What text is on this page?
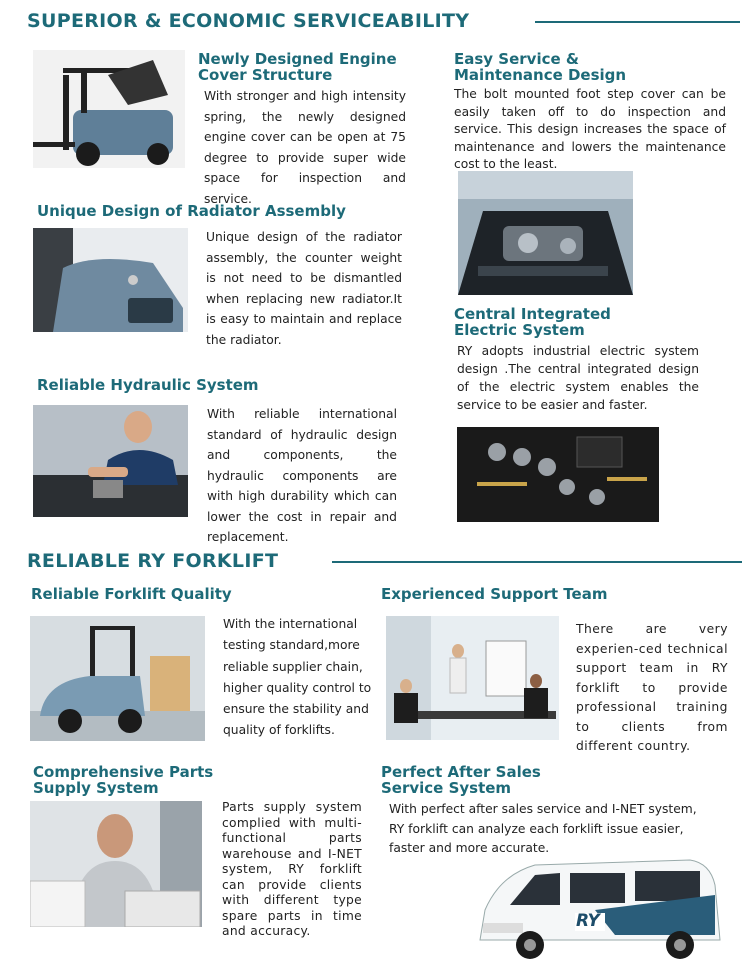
SUPERIOR & ECONOMIC SERVICEABILITY
Newly Designed Engine
Cover Structure
With stronger and high intensity spring, the newly designed engine cover can be open at 75 degree to provide super wide space for inspection and service.
Easy Service &
Maintenance Design
The bolt mounted foot step cover can be easily taken off to do inspection and service. This design increases the space of maintenance and lowers the maintenance cost to the least.
Unique Design of Radiator Assembly
Unique design of the radiator assembly, the counter weight is not need to be dismantled when replacing new radiator.It is easy to maintain and replace the radiator.
Central Integrated
Electric System
RY adopts industrial electric system design .The central integrated design of the electric system enables the service to be easier and faster.
Reliable Hydraulic System
With reliable international standard of hydraulic design and components, the hydraulic components are with high durability which can lower the cost in repair and replacement.
RELIABLE RY FORKLIFT
Reliable Forklift Quality
With the international testing standard,more reliable supplier chain, higher quality control to ensure the stability and quality of forklifts.
Experienced Support Team
There are very experien-ced technical support team in RY forklift to provide professional training to clients from different country.
Comprehensive Parts
Supply System
Parts supply system complied with multi-functional parts warehouse and I-NET system, RY forklift can provide clients with different type spare parts in time and accuracy.
Perfect After Sales
Service System
With perfect after sales service and I-NET system, RY forklift can analyze each forklift issue easier, faster and more accurate.
RY
